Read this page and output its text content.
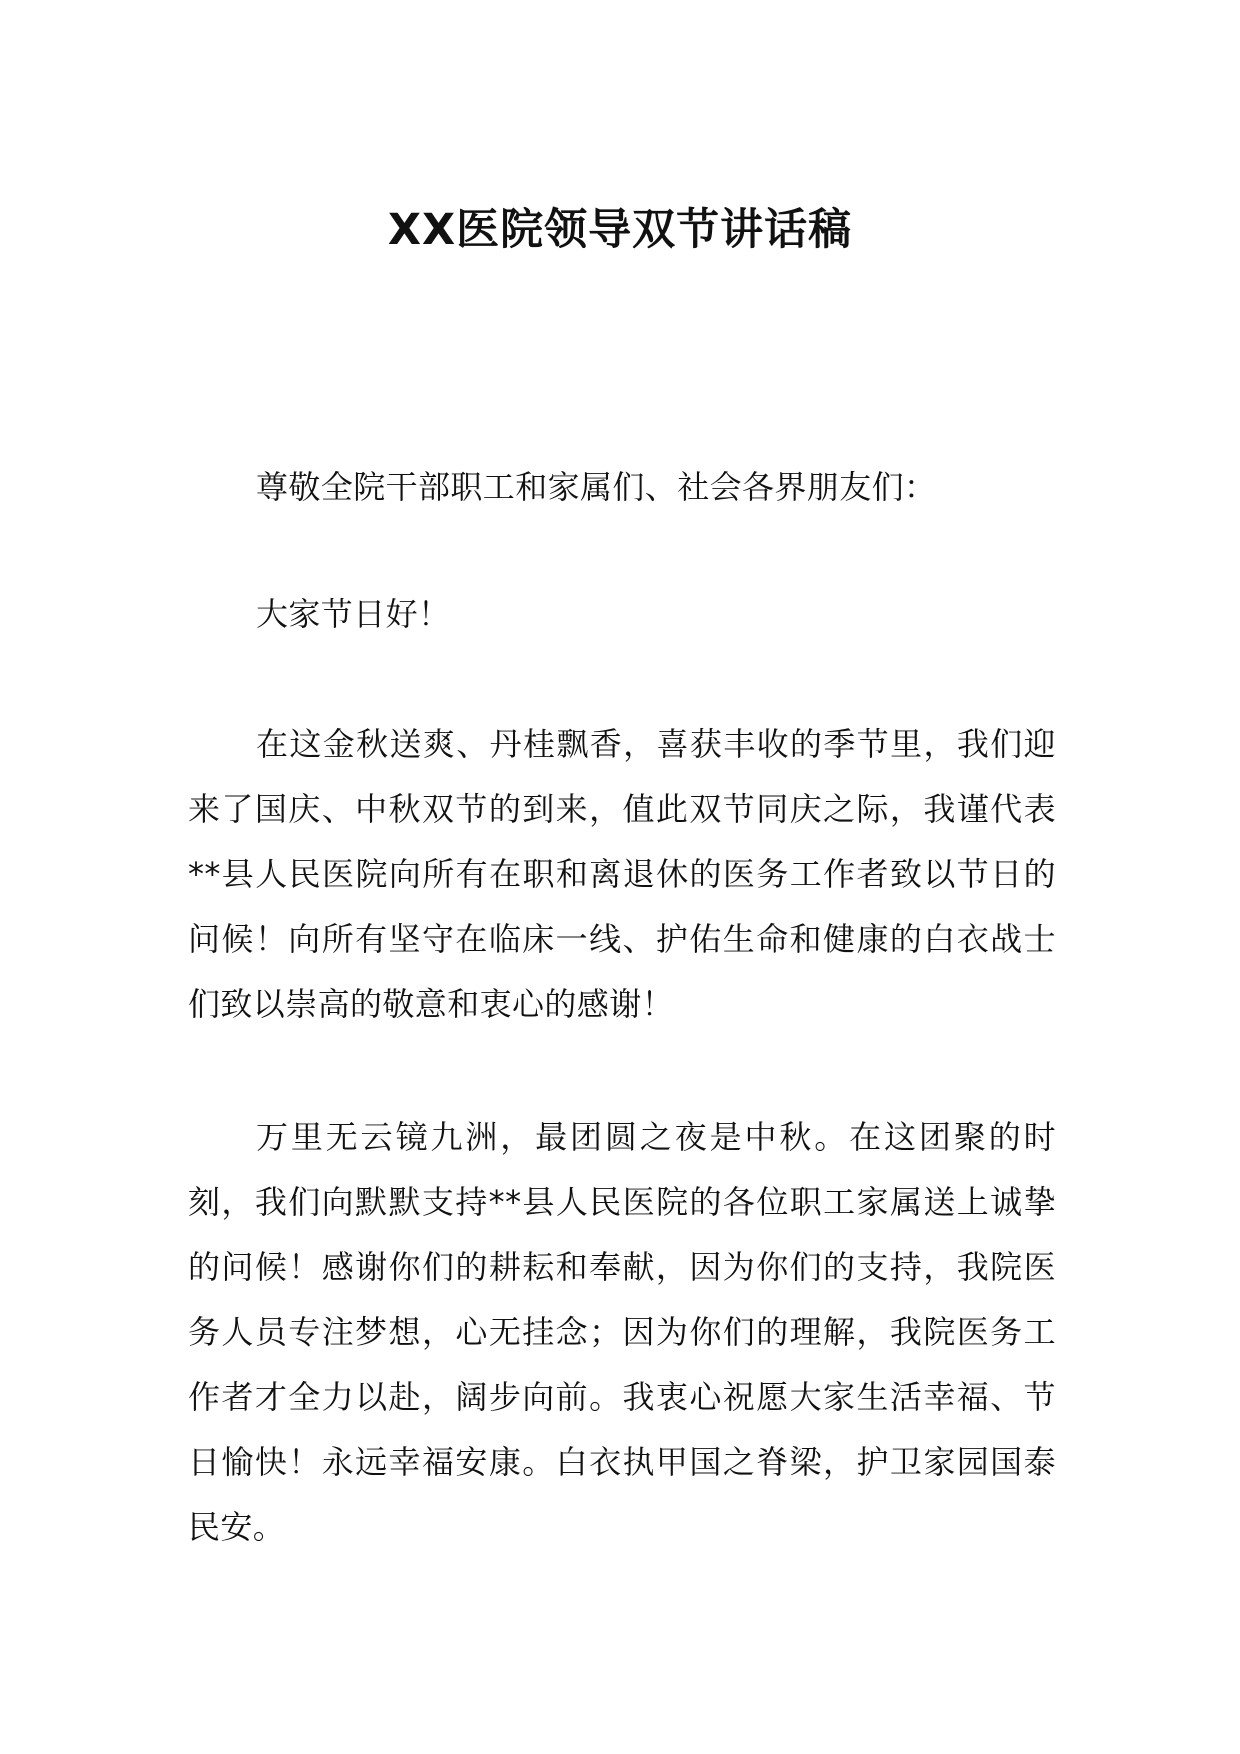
XX医院领导双节讲话稿

尊敬全院干部职工和家属们、社会各界朋友们：

大家节日好！

在这金秋送爽、丹桂飘香，喜获丰收的季节里，我们迎来了国庆、中秋双节的到来，值此双节同庆之际，我谨代表**县人民医院向所有在职和离退休的医务工作者致以节日的问候！向所有坚守在临床一线、护佑生命和健康的白衣战士们致以崇高的敬意和衷心的感谢！

万里无云镜九洲，最团圆之夜是中秋。在这团聚的时刻，我们向默默支持**县人民医院的各位职工家属送上诚挚的问候！感谢你们的耕耘和奉献，因为你们的支持，我院医务人员专注梦想，心无挂念；因为你们的理解，我院医务工作者才全力以赴，阔步向前。我衷心祝愿大家生活幸福、节日愉快！永远幸福安康。白衣执甲国之脊梁，护卫家园国泰民安。
